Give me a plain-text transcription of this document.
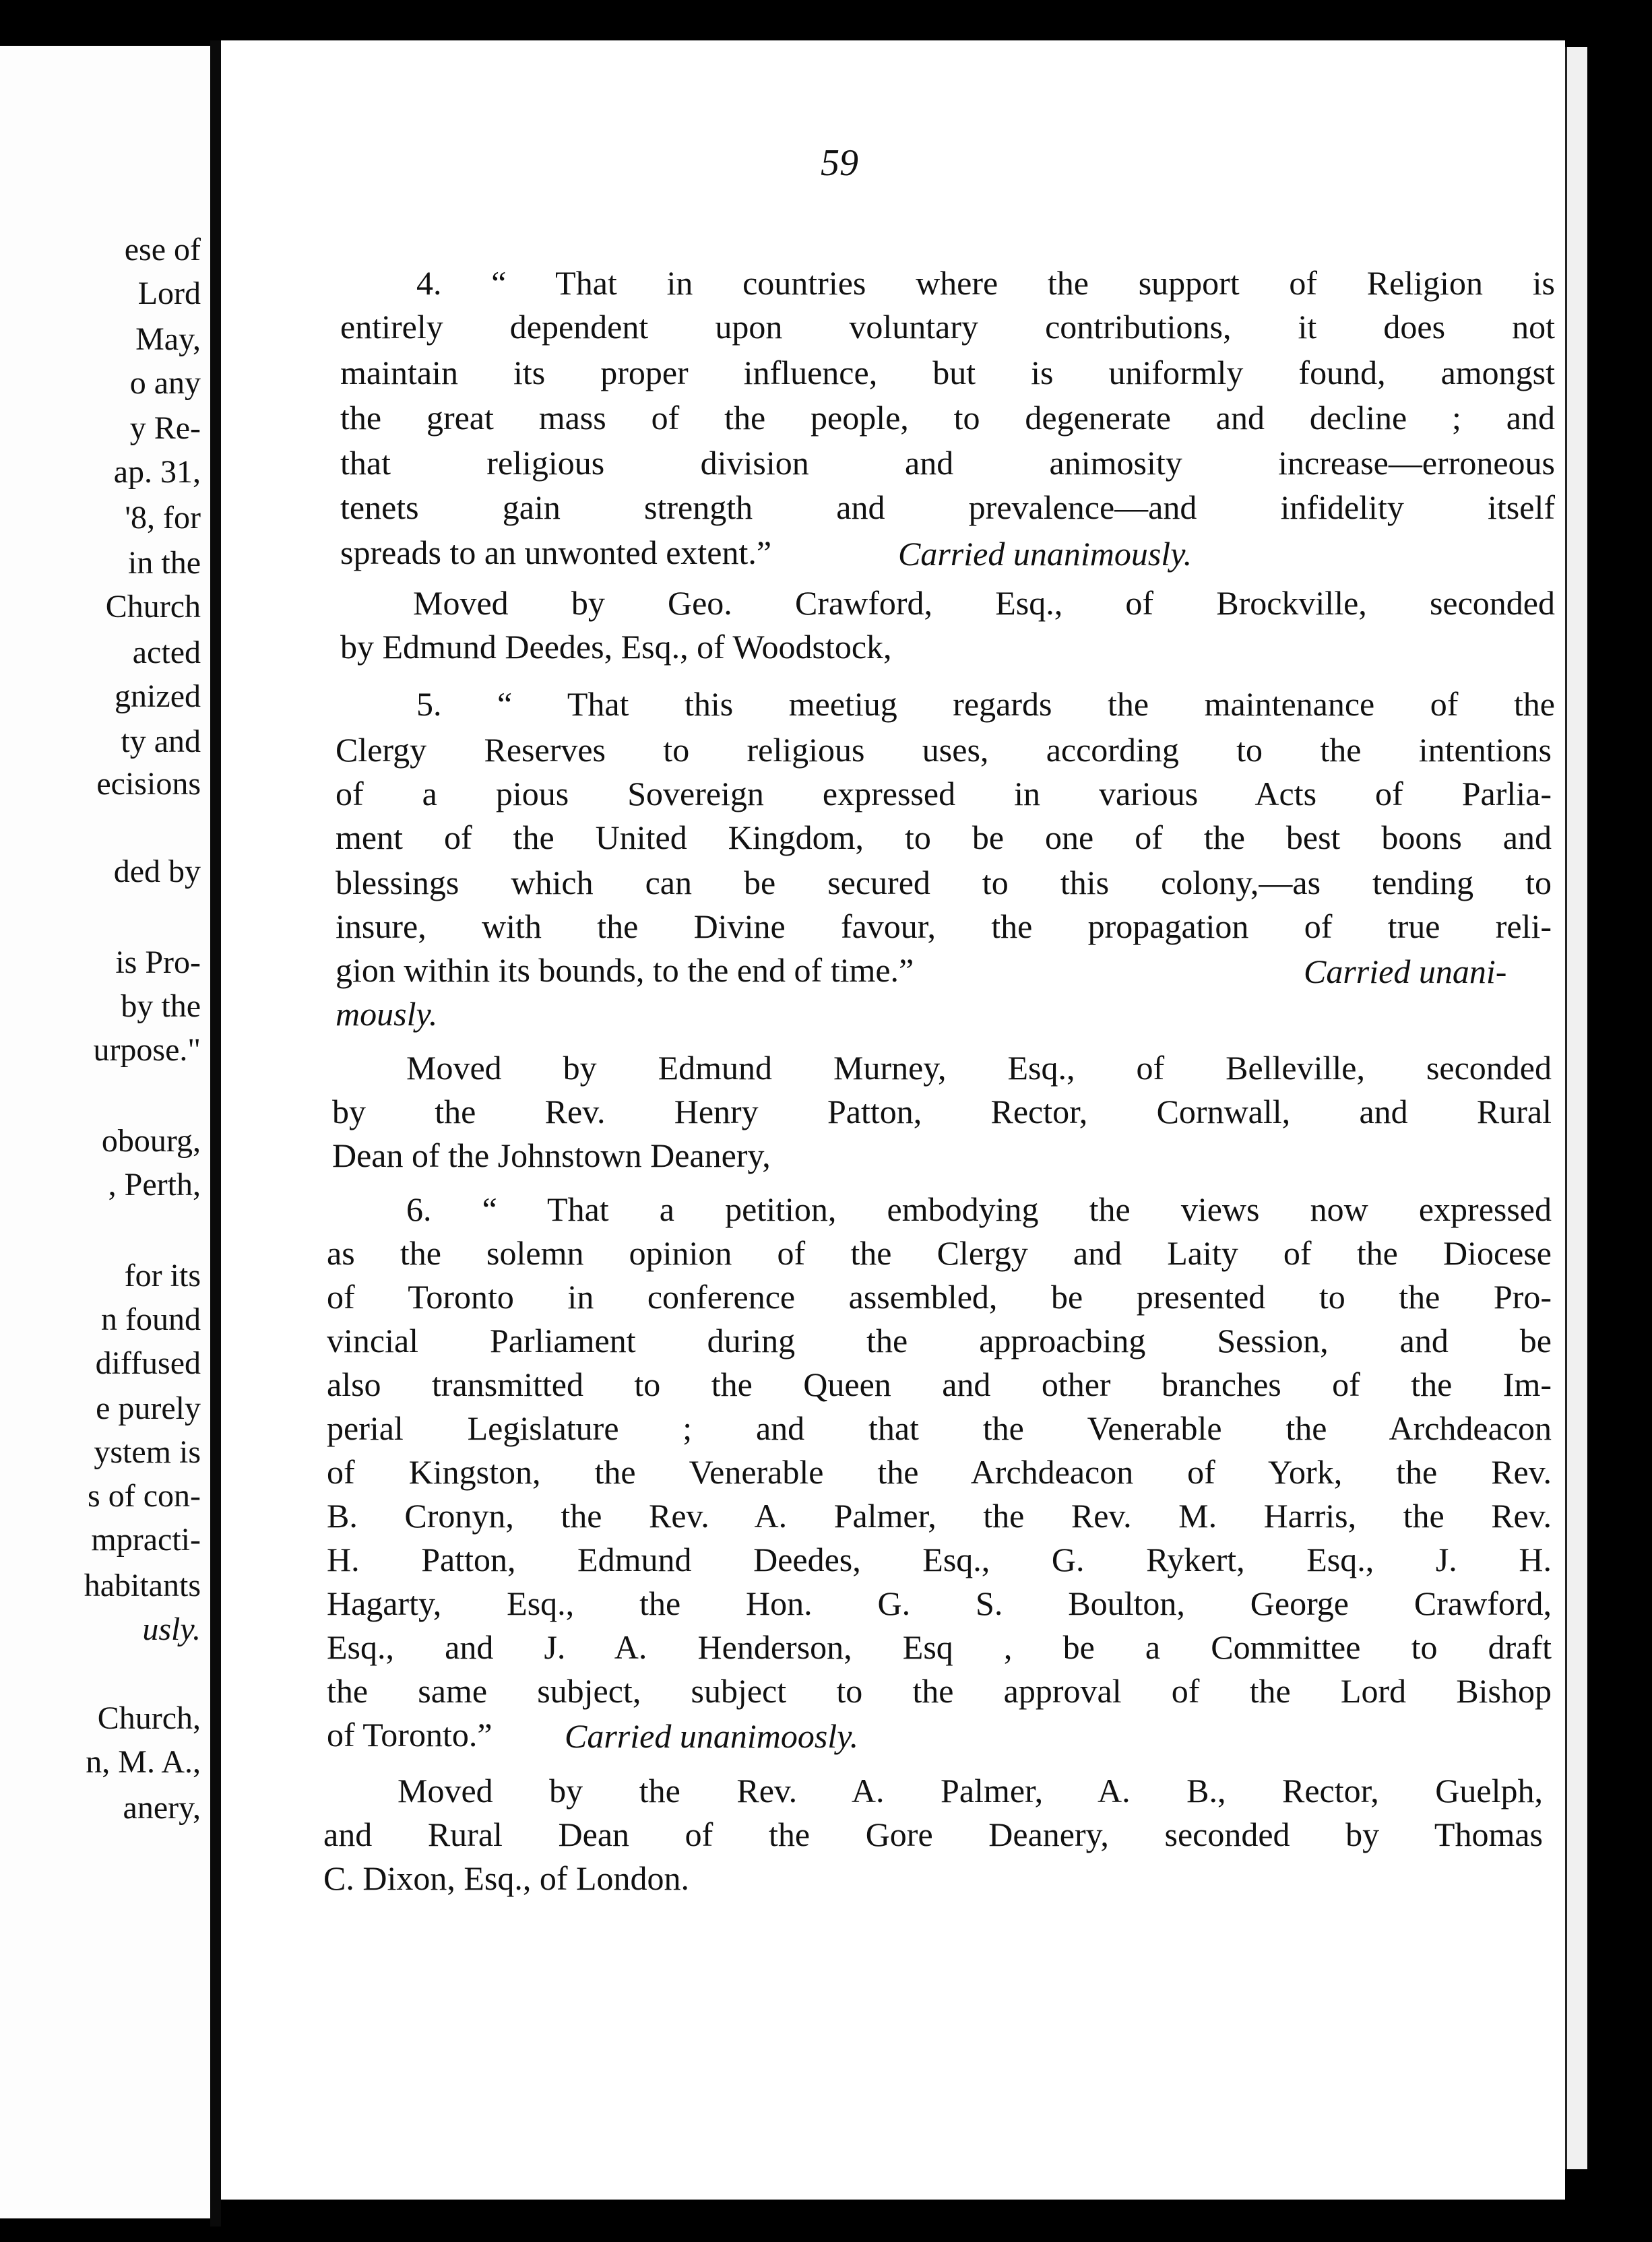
ese of
Lord
May,
o any
y Re-
ap. 31,
'8, for
in the
Church
acted
gnized
ty and
ecisions
ded by
is Pro-
by the
urpose."
obourg,
, Perth,
for its
n found
diffused
e purely
ystem is
s of con-
mpracti-
habitants
usly.
Church,
n, M. A.,
anery,
59
4. “ That in countries where the support of Religion is
entirely dependent upon voluntary contributions, it does not
maintain its proper influence, but is uniformly found, amongst
the great mass of the people, to degenerate and decline ; and
that religious division and animosity increase—erroneous
tenets gain strength and prevalence—and infidelity itself
spreads to an unwonted extent.”	Carried unanimously.
Moved by Geo. Crawford, Esq., of Brockville, seconded
by Edmund Deedes, Esq., of Woodstock,
5. “ That this meetiug regards the maintenance of the
Clergy Reserves to religious uses, according to the intentions
of a pious Sovereign expressed in various Acts of Parlia-
ment of the United Kingdom, to be one of the best boons and
blessings which can be secured to this colony,—as tending to
insure, with the Divine favour, the propagation of true reli-
gion within its bounds, to the end of time.”	Carried unani-
mously.
Moved by Edmund Murney, Esq., of Belleville, seconded
by the Rev. Henry Patton, Rector, Cornwall, and Rural
Dean of the Johnstown Deanery,
6. “ That a petition, embodying the views now expressed
as the solemn opinion of the Clergy and Laity of the Diocese
of Toronto in conference assembled, be presented to the Pro-
vincial Parliament during the approacbing Session, and be
also transmitted to the Queen and other branches of the Im-
perial Legislature ; and that the Venerable the Archdeacon
of Kingston, the Venerable the Archdeacon of York, the Rev.
B. Cronyn, the Rev. A. Palmer, the Rev. M. Harris, the Rev.
H. Patton, Edmund Deedes, Esq., G. Rykert, Esq., J. H.
Hagarty, Esq., the Hon. G. S. Boulton, George Crawford,
Esq., and J. A. Henderson, Esq , be a Committee to draft
the same subject, subject to the approval of the Lord Bishop
of Toronto.” Carried unanimoosly.
Moved by the Rev. A. Palmer, A. B., Rector, Guelph,
and Rural Dean of the Gore Deanery, seconded by Thomas
C. Dixon, Esq., of London.
